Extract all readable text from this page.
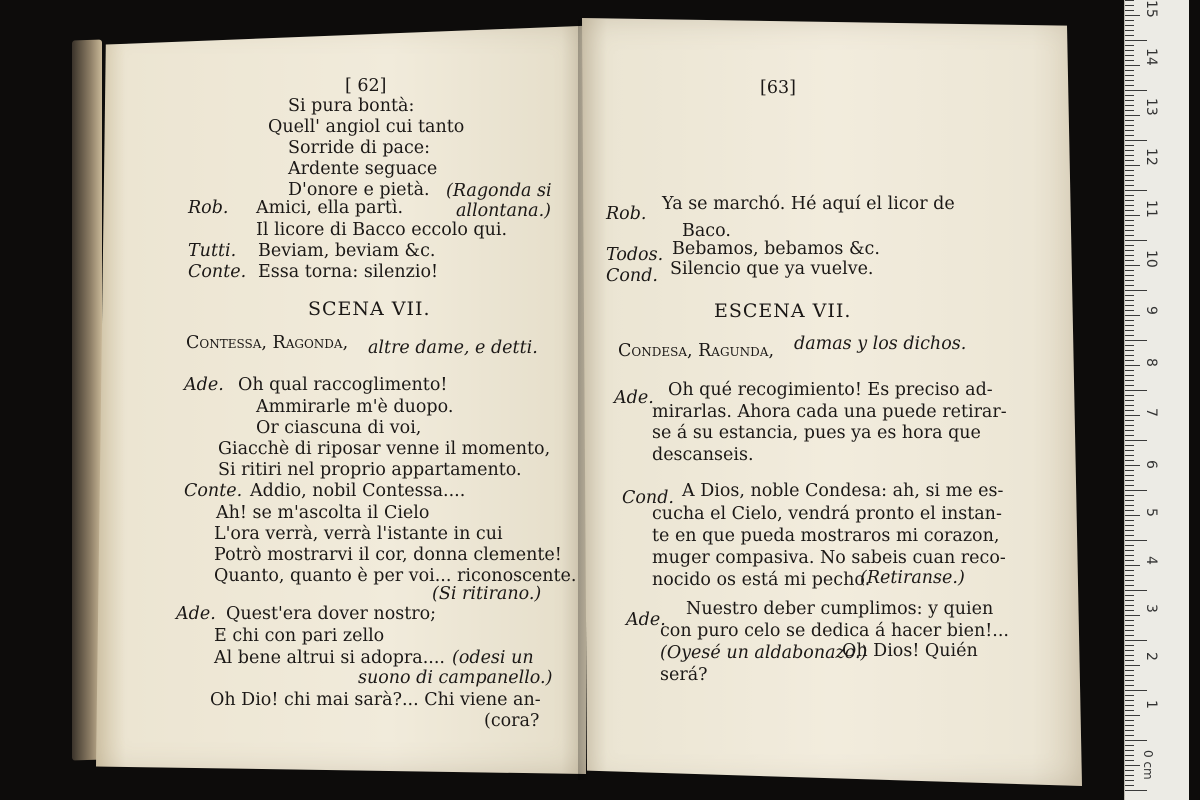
[ 62]
Si pura bontà:
Quell' angiol cui tanto
Sorride di pace:
Ardente seguace
D'onore e pietà. (Ragonda si
Rob. Amici, ella partì.	allontana.)
Il licore di Bacco eccolo qui.
Tutti. Beviam, beviam &c.
Conte. Essa torna: silenzio!
SCENA VII.
Contessa, Ragonda, altre dame, e detti.
Ade. Oh qual raccoglimento!
Ammirarle m'è duopo.
Or ciascuna di voi,
Giacchè di riposar venne il momento,
Si ritiri nel proprio appartamento.
Conte. Addio, nobil Contessa....
Ah! se m'ascolta il Cielo
L'ora verrà, verrà l'istante in cui
Potrò mostrarvi il cor, donna clemente!
Quanto, quanto è per voi... riconoscente.
(Si ritirano.)
Ade. Quest'era dover nostro;
E chi con pari zello
Al bene altrui si adopra.... (odesi un
suono di campanello.)
Oh Dio! chi mai sarà?... Chi viene an-
(cora?
[63]
Rob. Ya se marchó. Hé aquí el licor de
Baco.
Todos. Bebamos, bebamos &c.
Cond. Silencio que ya vuelve.
ESCENA VII.
Condesa, Ragunda, damas y los dichos.
Ade. Oh qué recogimiento! Es preciso ad-
mirarlas. Ahora cada una puede retirar-
se á su estancia, pues ya es hora que
descanseis.
Cond. A Dios, noble Condesa: ah, si me es-
cucha el Cielo, vendrá pronto el instan-
te en que pueda mostraros mi corazon,
muger compasiva. No sabeis cuan reco-
nocido os está mi pecho.
(Retiranse.)
Ade.
Nuestro deber cumplimos: y quien
con puro celo se dedica á hacer bien!...
(Oyesé un aldabonazo.)
Oh Dios! Quién
será?
1
2
3
4
5
6
7
8
9
10
11
12
13
14
15
0 cm
